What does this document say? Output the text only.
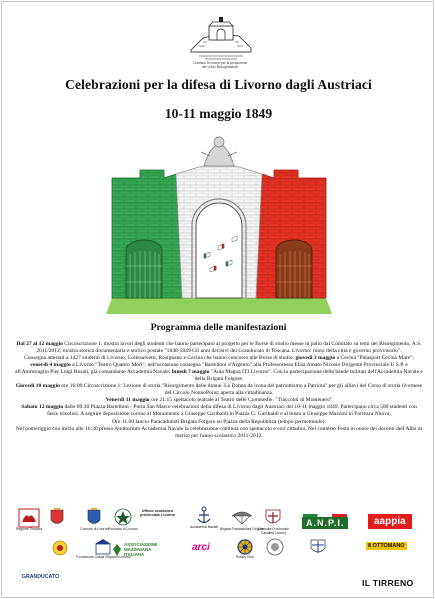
Comitato livornese per la promozione
dei valori Risorgimentali
Celebrazioni per la difesa di Livorno dagli Austriaci
10-11 maggio 1849
Programma delle manifestazioni

Dal 27 al 12 maggio Circoscrizione 1: mostra lavori degli studenti che hanno partecipato al progetto per le Borse di studio messe in palio dal Comitato su temi del Risorgimento, A.S. 2011/2012; mostra storica documentaria e storico postale "1848-1849 Gli anni decisivi del Granducato di Toscana. Livorno: ruolo della città e governo provvisorio".

Consegna attestati a 1427 studenti di Livorno, Collesalvetti, Rosignano e Cecina che hanno concorso alle Borse di studio: giovedì 3 maggio a Cecina "Palasport Cecina Mare"; venerdì 4 maggio a Livorno "Teatro Quattro Mori", nell'occasione consegna "Bartelloni d'Argento" alla Professoressa Elisa Amato Nicosia Dirigente Provinciale U.S.P. e all'Ammiraglio Pier Luigi Rosati, già comandante Accademia Navale; lunedì 7 maggio "Aula Magna ITI Livorno". Con la partecipazione delle bande militari dell'Accademia Navale e della Brigata Folgore.

Giovedì 10 maggio ore 16:00 Circoscrizione 1: Lezione di storia "Risorgimento delle donne. La Donna da icona del patriottismo a Patriota" per gli allievi del Corso di storia livornese del Circolo NonnoPoint; aperta alla cittadinanza.

Venerdì 11 maggio ore 21:15 spettacolo teatrale al Teatro delle Commedie: "Tracconti di Montenero"

Sabato 12 maggio dalle 09:30 Piazza Bartelloni - Porta San Marco celebrazioni della difesa di Livorno dagli Austriaci del 10-11 maggio 1849. Partecipano circa 500 studenti con fasce tricolori. A seguire deposizione corone al Monumento a Giuseppe Garibaldi in Piazza G. Garibaldi e al busto a Giuseppe Mazzini in Fortezza Nuova.

Ore 11.00 lancio Paracadutisti Brigata Folgore su Piazza della Repubblica (tempo permettendo).

Nel pomeriggio con inizio alle 16:30 presso Auditorium Accademia Navale la celebrazione continua con spettacolo e cori cittadini. Nel contesto Festa in onore dei docenti dell'Albo di merito per l'anno scolastico 2011-2012.

Regione Toscana	Comune di Livorno Provincia di Livorno
Ufficio scolastico
provinciale Livorno
Accademia Navale Brigata Paracadutisti Folgore
Consulta Provinciale
Cavalieri Livorno
A.N.P.I.	aappia
Fondazione Cassa Risparmi Livorno
ASSOCIAZIONE
MAZZINIANA
ITALIANA
arci
Rotary Club
8 OTTOMANO
GRANDUCATO
IL TIRRENO
